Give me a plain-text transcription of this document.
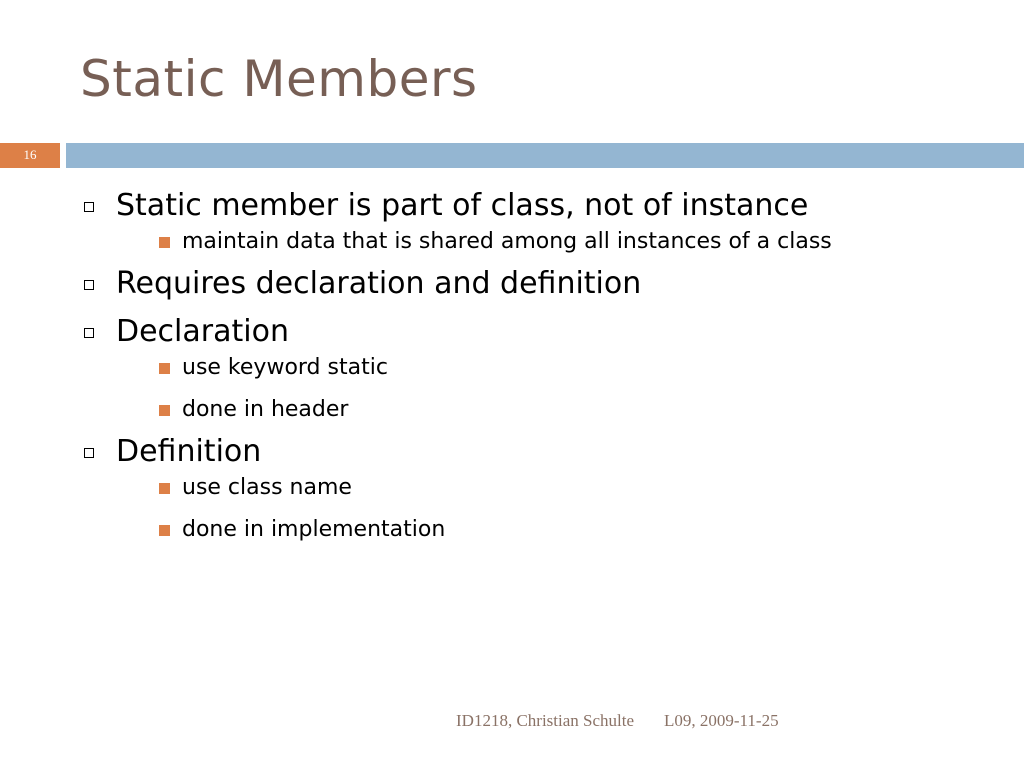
Static Members
16
Static member is part of class, not of instance
maintain data that is shared among all instances of a class
Requires declaration and definition
Declaration
use keyword static
done in header
Definition
use class name
done in implementation
ID1218, Christian Schulte L09, 2009-11-25
